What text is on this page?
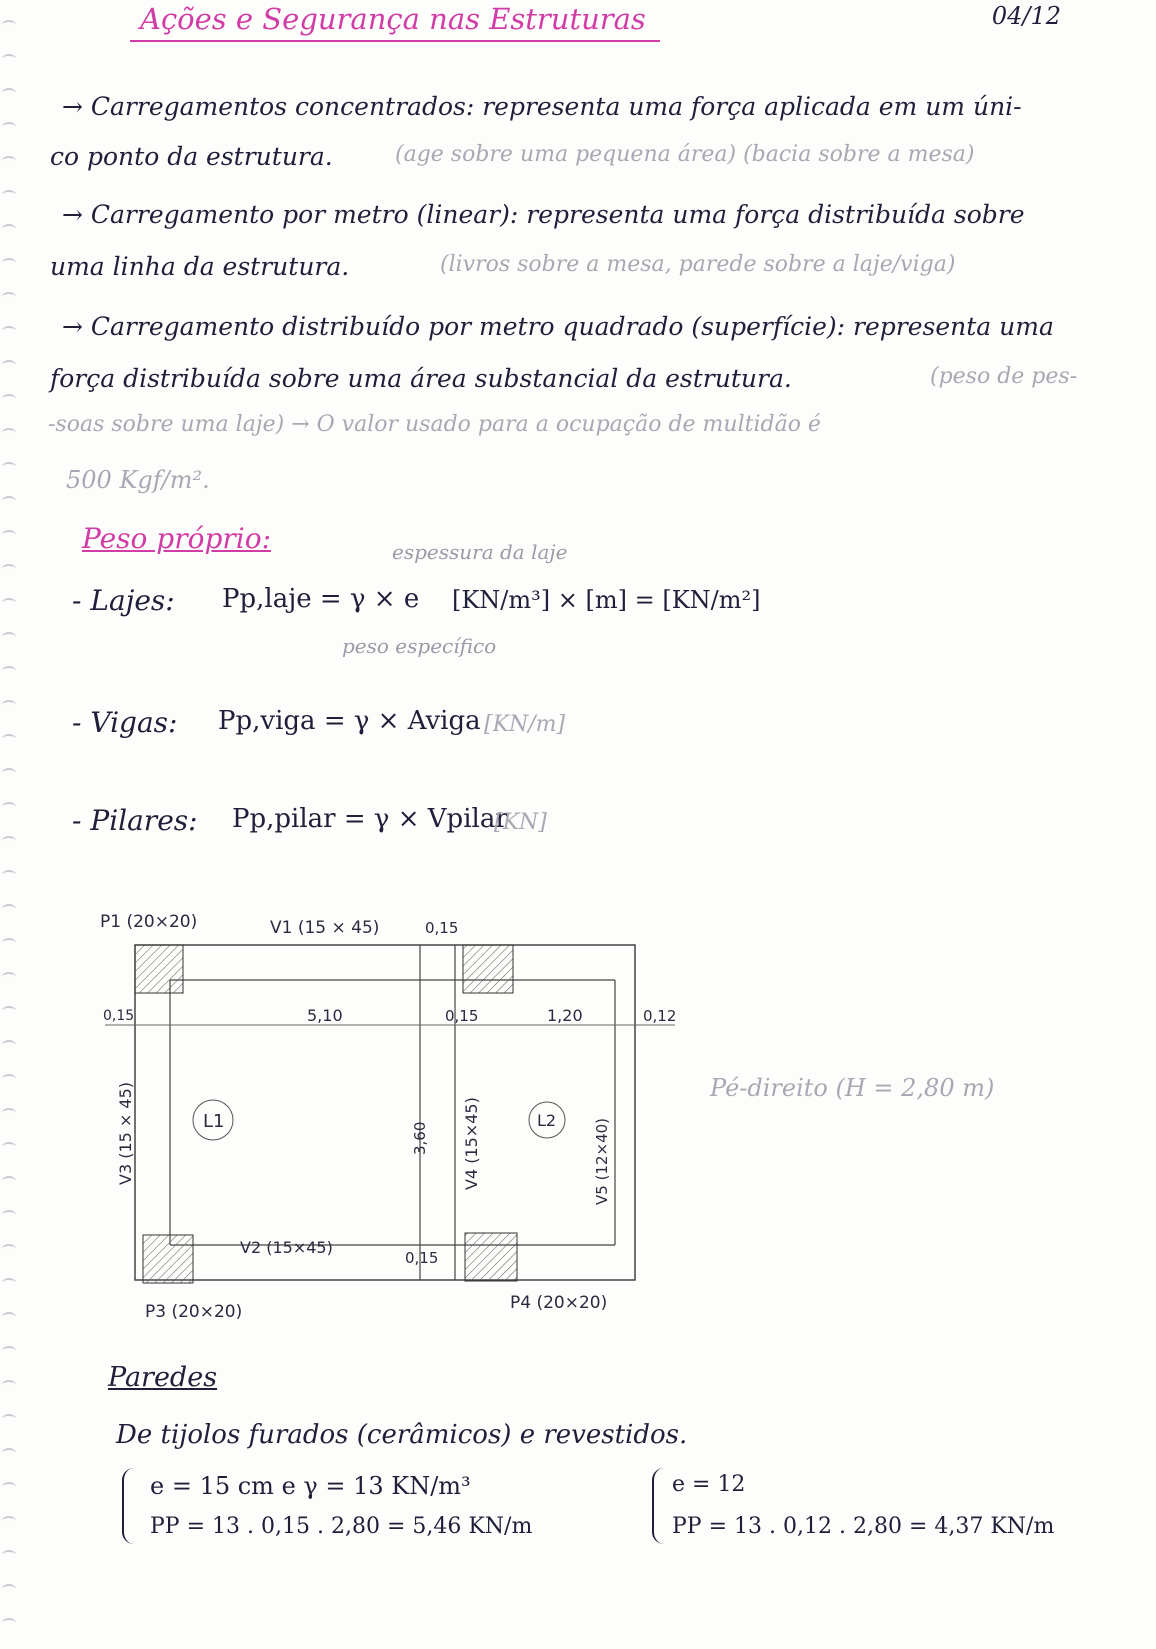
Ações e Segurança nas Estruturas	04/12
→ Carregamentos concentrados: representa uma força aplicada em um úni-
co ponto da estrutura.	(age sobre uma pequena área) (bacia sobre a mesa)
→ Carregamento por metro (linear): representa uma força distribuída sobre
uma linha da estrutura.	(livros sobre a mesa, parede sobre a laje/viga)
→ Carregamento distribuído por metro quadrado (superfície): representa uma
força distribuída sobre uma área substancial da estrutura.	(peso de pes-
-soas sobre uma laje) → O valor usado para a ocupação de multidão é
500 Kgf/m².
Peso próprio:	espessura da laje
- Lajes: Pp,laje = γ × e [KN/m³] × [m] = [KN/m²]
peso específico
- Vigas: Pp,viga = γ × Aviga [KN/m]
- Pilares: Pp,pilar = γ × Vpilar
[KN]
P1 (20×20)	V1 (15 × 45)	0,15
0,15	5,10	0,15	1,20	0,12
L1	L2
0,15
V2 (15×45)
P3 (20×20)	P4 (20×20)
V3 (15 × 45)	3,60 V4 (15×45)	V5 (12×40)
Pé-direito (H = 2,80 m)
Paredes
De tijolos furados (cerâmicos) e revestidos.
e = 15 cm e γ = 13 KN/m³
PP = 13 . 0,15 . 2,80 = 5,46 KN/m
e = 12
PP = 13 . 0,12 . 2,80 = 4,37 KN/m
